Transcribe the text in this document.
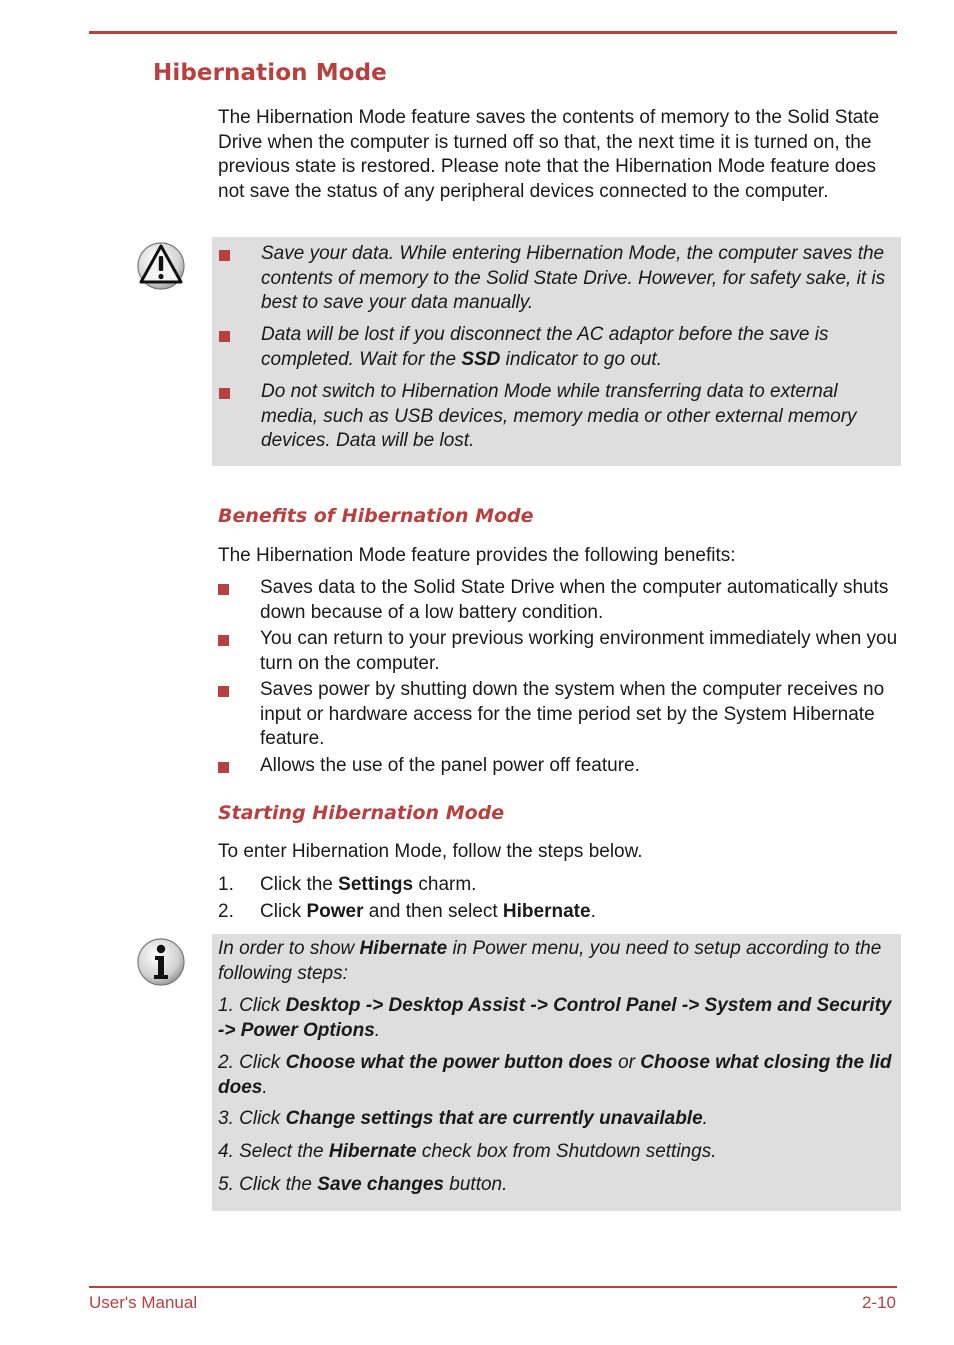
Hibernation Mode

The Hibernation Mode feature saves the contents of memory to the Solid State Drive when the computer is turned off so that, the next time it is turned on, the previous state is restored. Please note that the Hibernation Mode feature does not save the status of any peripheral devices connected to the computer.

Save your data. While entering Hibernation Mode, the computer saves the contents of memory to the Solid State Drive. However, for safety sake, it is best to save your data manually.
Data will be lost if you disconnect the AC adaptor before the save is completed. Wait for the SSD indicator to go out.
Do not switch to Hibernation Mode while transferring data to external media, such as USB devices, memory media or other external memory devices. Data will be lost.
Benefits of Hibernation Mode

The Hibernation Mode feature provides the following benefits:

Saves data to the Solid State Drive when the computer automatically shuts down because of a low battery condition.
You can return to your previous working environment immediately when you turn on the computer.
Saves power by shutting down the system when the computer receives no input or hardware access for the time period set by the System Hibernate feature.
Allows the use of the panel power off feature.
Starting Hibernation Mode

To enter Hibernation Mode, follow the steps below.

1. Click the Settings charm.
2. Click Power and then select Hibernate.

In order to show Hibernate in Power menu, you need to setup according to the following steps:

1. Click Desktop -> Desktop Assist -> Control Panel -> System and Security -> Power Options.

2. Click Choose what the power button does or Choose what closing the lid does.

3. Click Change settings that are currently unavailable.

4. Select the Hibernate check box from Shutdown settings.

5. Click the Save changes button.

User's Manual	2-10
